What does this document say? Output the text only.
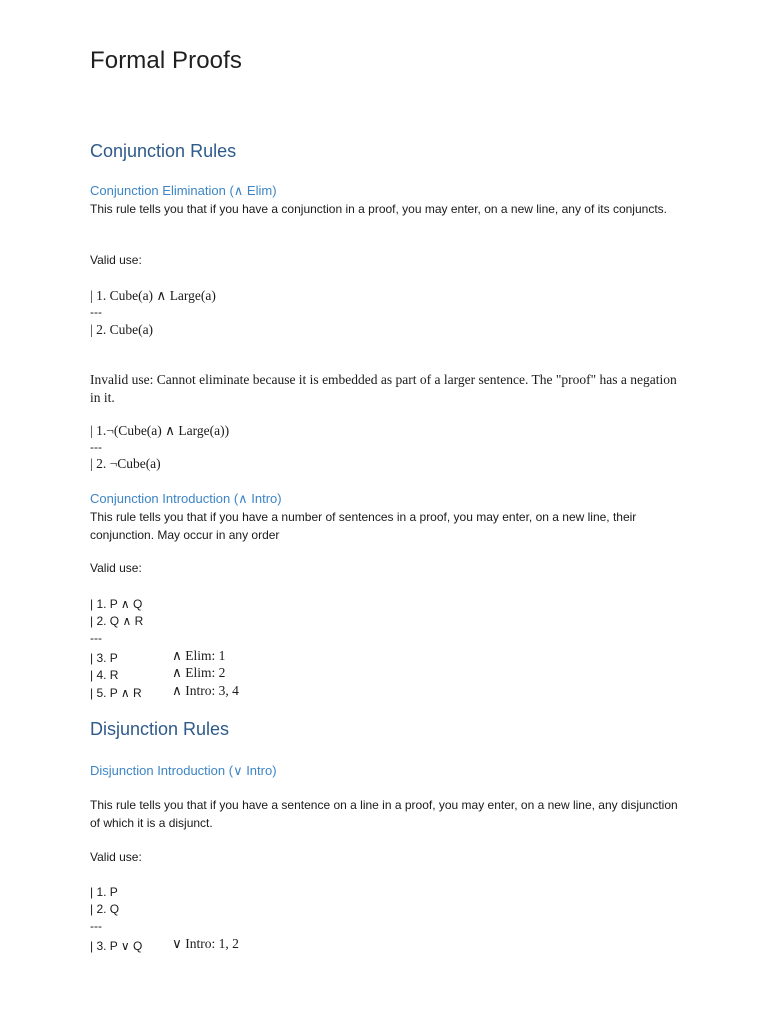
Formal Proofs
Conjunction Rules
Conjunction Elimination (∧ Elim)
This rule tells you that if you have a conjunction in a proof, you may enter, on a new line, any of its conjuncts.
Valid use:
| 1. Cube(a) ∧ Large(a)
---
| 2. Cube(a)
Invalid use: Cannot eliminate because it is embedded as part of a larger sentence. The "proof" has a negation in it.
| 1.¬(Cube(a) ∧ Large(a))
---
| 2. ¬Cube(a)
Conjunction Introduction (∧ Intro)
This rule tells you that if you have a number of sentences in a proof, you may enter, on a new line, their conjunction. May occur in any order
Valid use:
| 1. P ∧ Q
| 2. Q ∧ R
---
| 3. P	∧ Elim: 1
| 4. R	∧ Elim: 2
| 5. P ∧ R ∧ Intro: 3, 4
Disjunction Rules
Disjunction Introduction (∨ Intro)
This rule tells you that if you have a sentence on a line in a proof, you may enter, on a new line, any disjunction of which it is a disjunct.
Valid use:
| 1. P
| 2. Q
---
| 3. P ∨ Q ∨ Intro: 1, 2
